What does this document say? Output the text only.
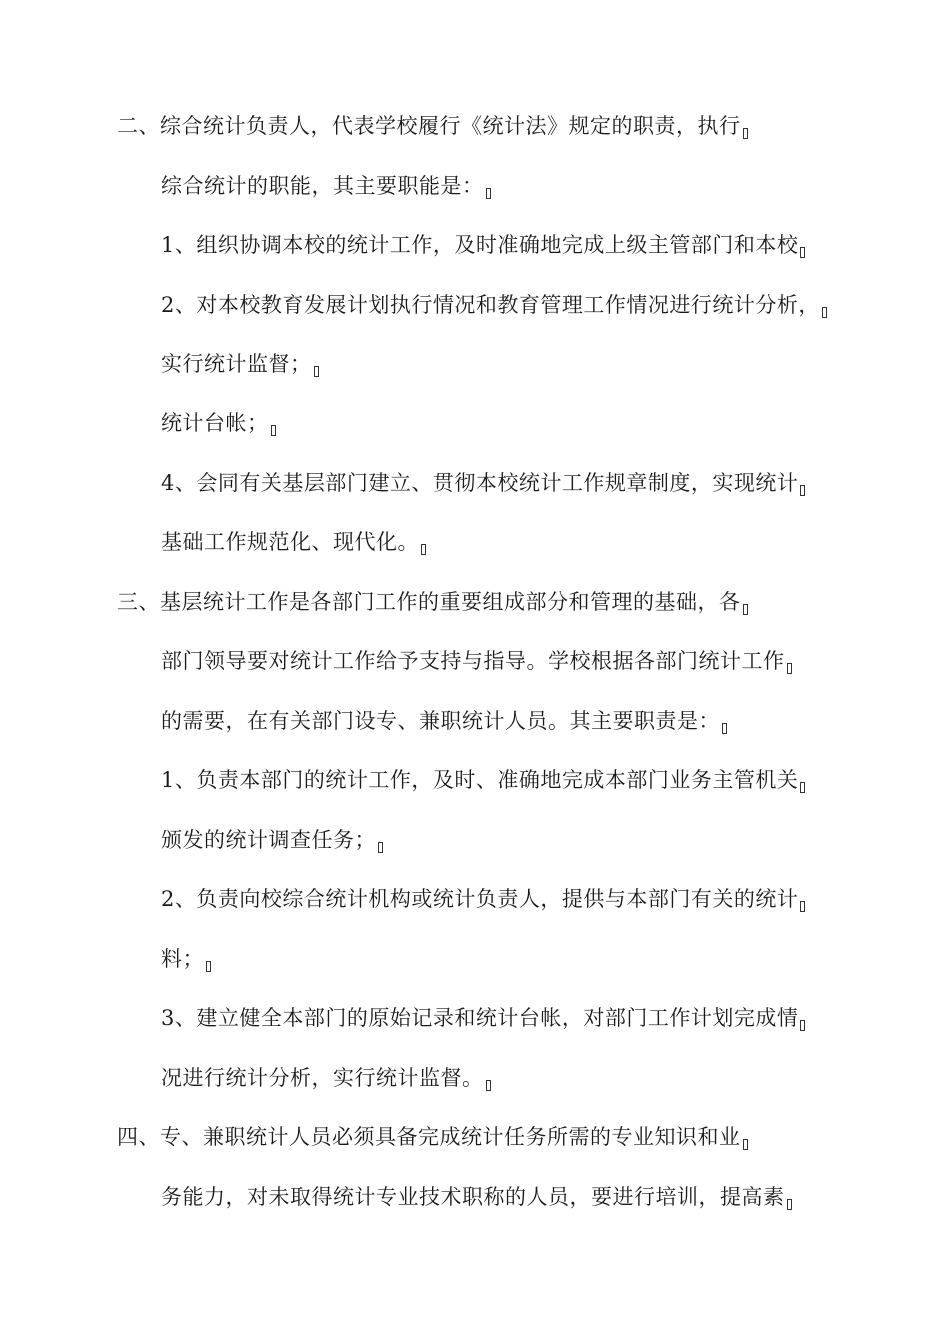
二、综合统计负责人，代表学校履行《统计法》规定的职责，执行
综合统计的职能，其主要职能是：
1、组织协调本校的统计工作，及时准确地完成上级主管部门和本校
2、对本校教育发展计划执行情况和教育管理工作情况进行统计分析，
实行统计监督；
统计台帐；
4、会同有关基层部门建立、贯彻本校统计工作规章制度，实现统计
基础工作规范化、现代化。
三、基层统计工作是各部门工作的重要组成部分和管理的基础，各
部门领导要对统计工作给予支持与指导。学校根据各部门统计工作
的需要，在有关部门设专、兼职统计人员。其主要职责是：
1、负责本部门的统计工作，及时、准确地完成本部门业务主管机关
颁发的统计调查任务；
2、负责向校综合统计机构或统计负责人，提供与本部门有关的统计
料；
3、建立健全本部门的原始记录和统计台帐，对部门工作计划完成情
况进行统计分析，实行统计监督。
四、专、兼职统计人员必须具备完成统计任务所需的专业知识和业
务能力，对未取得统计专业技术职称的人员，要进行培训，提高素
